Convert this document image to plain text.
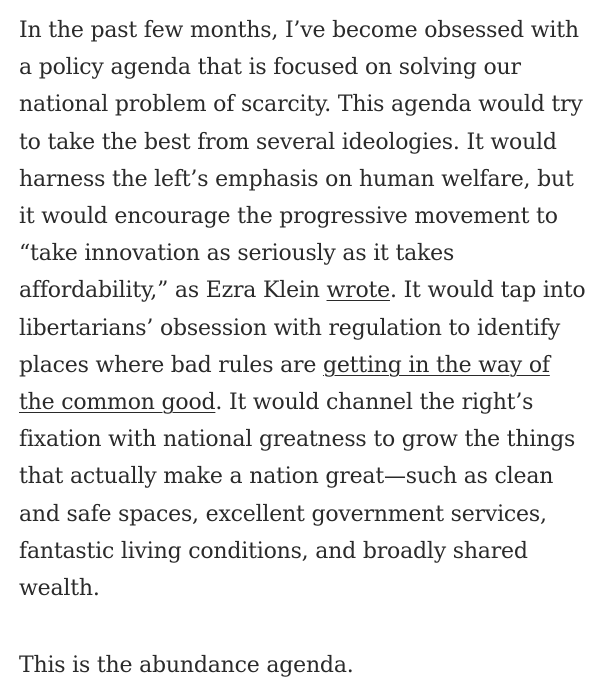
In the past few months, I’ve become obsessed with a policy agenda that is focused on solving our national problem of scarcity. This agenda would try to take the best from several ideologies. It would harness the left’s emphasis on human welfare, but it would encourage the progressive movement to “take innovation as seriously as it takes affordability,” as Ezra Klein wrote. It would tap into libertarians’ obsession with regulation to identify places where bad rules are getting in the way of the common good. It would channel the right’s fixation with national greatness to grow the things that actually make a nation great—such as clean and safe spaces, excellent government services, fantastic living conditions, and broadly shared wealth.

This is the abundance agenda.
